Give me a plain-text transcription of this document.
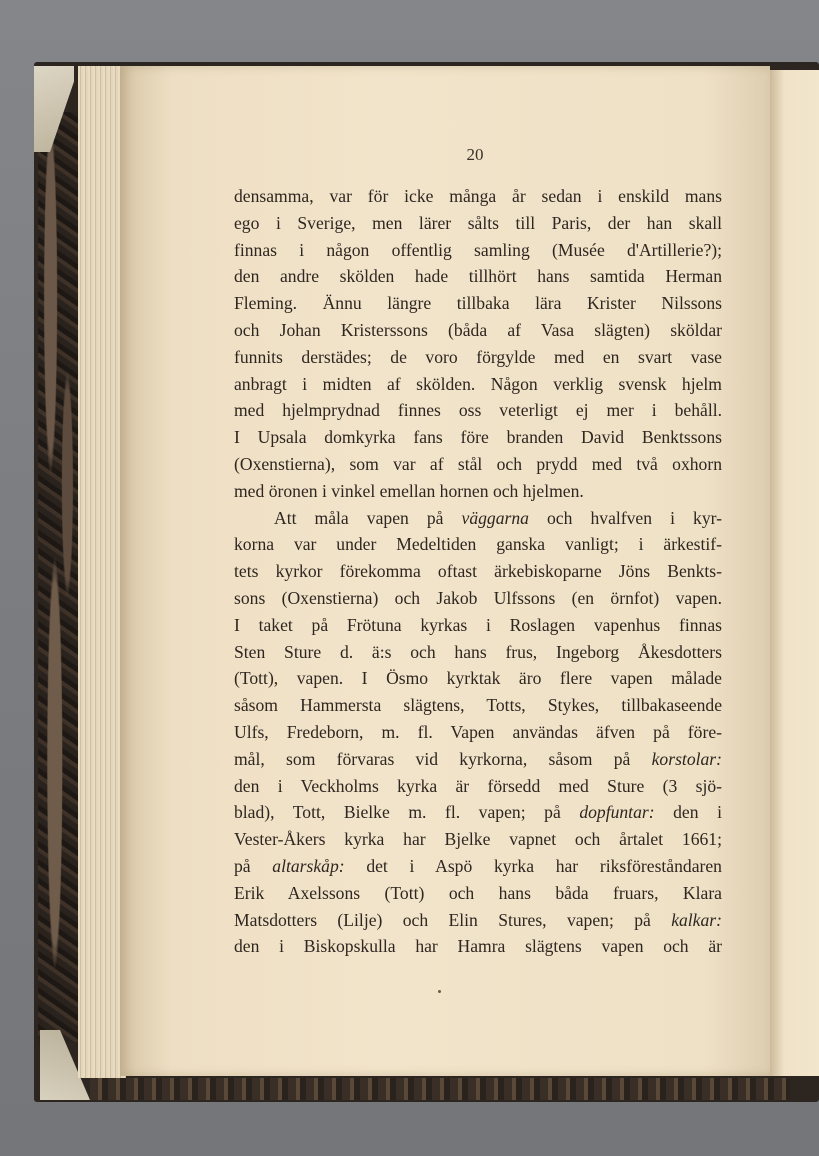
20
densamma, var för icke många år sedan i enskild mans
ego i Sverige, men lärer sålts till Paris, der han skall
finnas i någon offentlig samling (Musée d'Artillerie?);
den andre skölden hade tillhört hans samtida Herman
Fleming. Ännu längre tillbaka lära Krister Nilssons
och Johan Kristerssons (båda af Vasa slägten) sköldar
funnits derstädes; de voro förgylde med en svart vase
anbragt i midten af skölden. Någon verklig svensk hjelm
med hjelmprydnad finnes oss veterligt ej mer i behåll.
I Upsala domkyrka fans före branden David Benktssons
(Oxenstierna), som var af stål och prydd med två oxhorn
med öronen i vinkel emellan hornen och hjelmen.
Att måla vapen på väggarna och hvalfven i kyr-
korna var under Medeltiden ganska vanligt; i ärkestif-
tets kyrkor förekomma oftast ärkebiskoparne Jöns Benkts-
sons (Oxenstierna) och Jakob Ulfssons (en örnfot) vapen.
I taket på Frötuna kyrkas i Roslagen vapenhus finnas
Sten Sture d. ä:s och hans frus, Ingeborg Åkesdotters
(Tott), vapen. I Ösmo kyrktak äro flere vapen målade
såsom Hammersta slägtens, Totts, Stykes, tillbakaseende
Ulfs, Fredeborn, m. fl. Vapen användas äfven på före-
mål, som förvaras vid kyrkorna, såsom på korstolar:
den i Veckholms kyrka är försedd med Sture (3 sjö-
blad), Tott, Bielke m. fl. vapen; på dopfuntar: den i
Vester-Åkers kyrka har Bjelke vapnet och årtalet 1661;
på altarskåp: det i Aspö kyrka har riksföreståndaren
Erik Axelssons (Tott) och hans båda fruars, Klara
Matsdotters (Lilje) och Elin Stures, vapen; på kalkar:
den i Biskopskulla har Hamra slägtens vapen och är
